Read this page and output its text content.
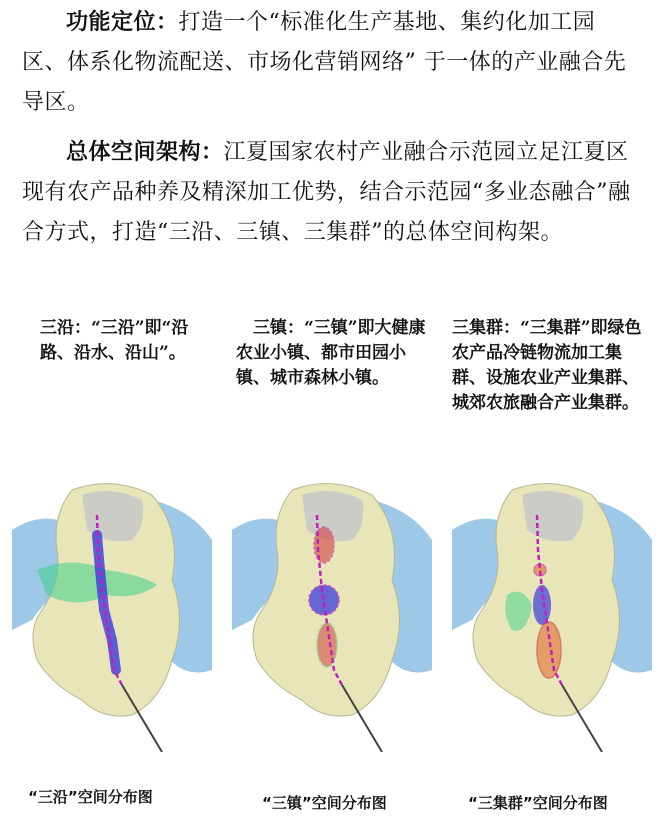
功能定位：打造一个“标准化生产基地、集约化加工园区、体系化物流配送、市场化营销网络” 于一体的产业融合先导区。

总体空间架构：江夏国家农村产业融合示范园立足江夏区现有农产品种养及精深加工优势，结合示范园“多业态融合”融合方式，打造“三沿、三镇、三集群”的总体空间构架。

三沿：“三沿”即“沿路、沿水、沿山”。

三镇：“三镇”即大健康农业小镇、都市田园小镇、城市森林小镇。

三集群：“三集群”即绿色农产品冷链物流加工集群、设施农业产业集群、城郊农旅融合产业集群。

“三沿”空间分布图	“三镇”空间分布图	“三集群”空间分布图
